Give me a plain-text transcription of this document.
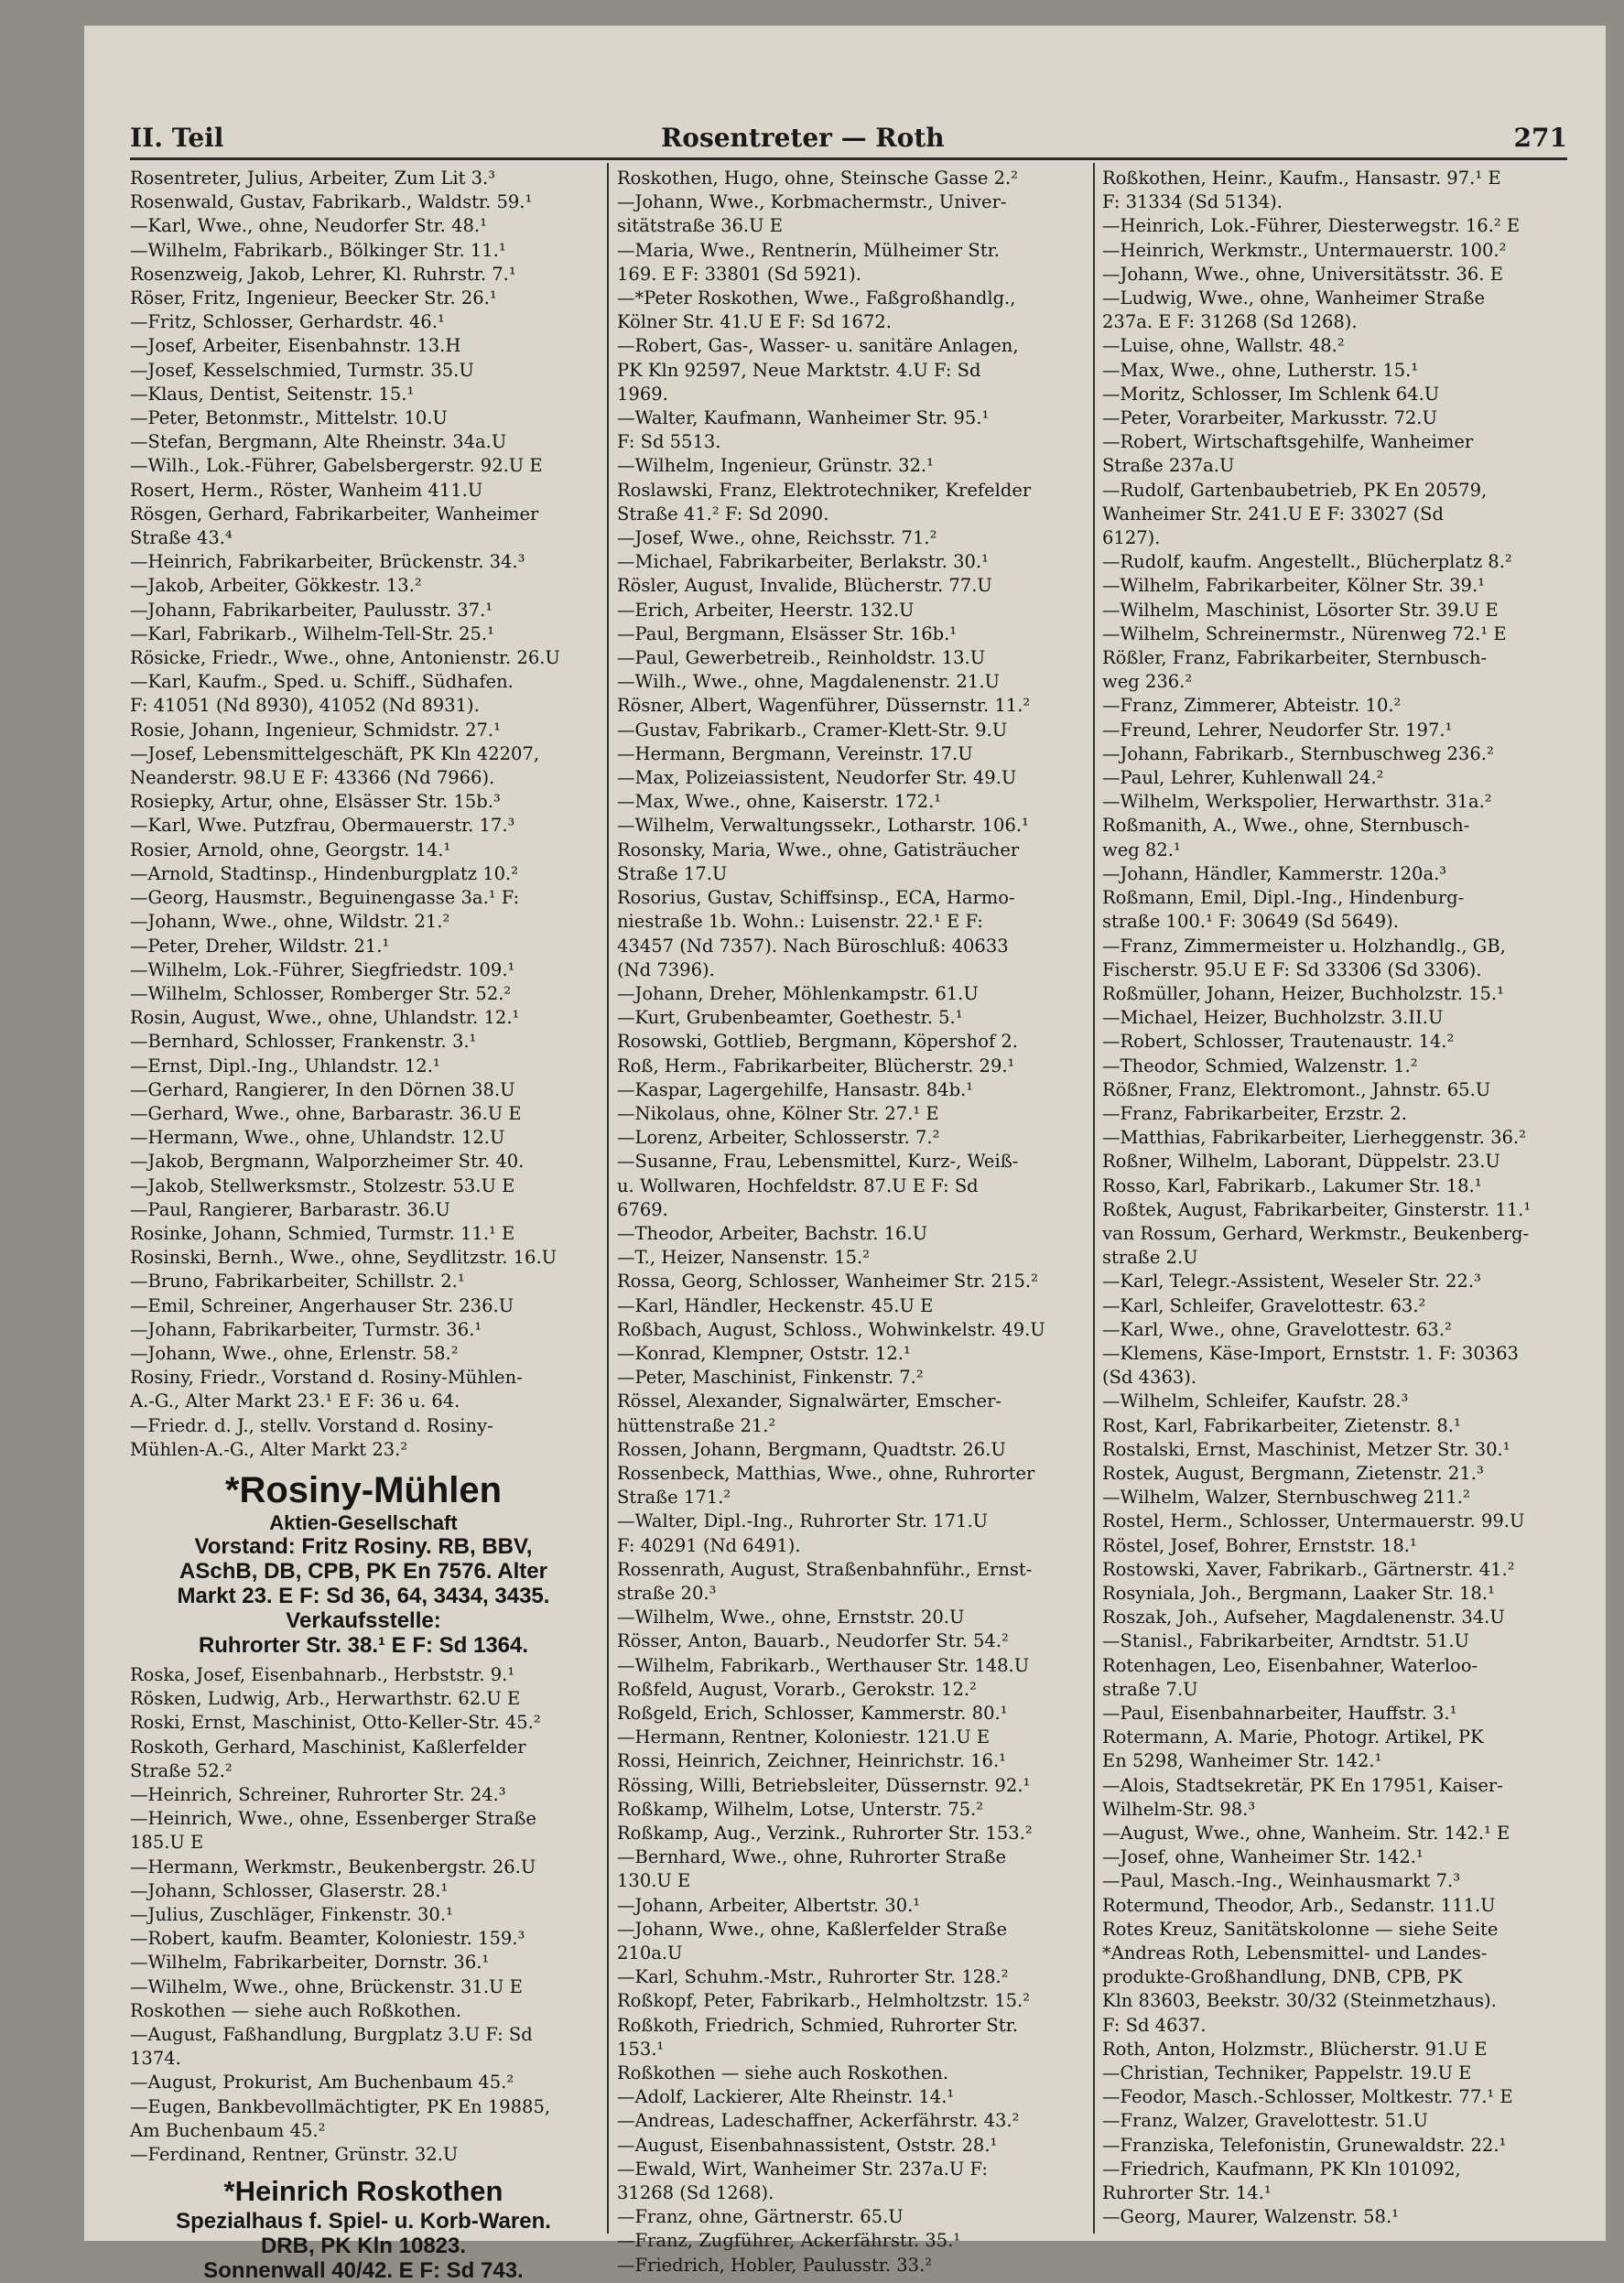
II. Teil	Rosentreter — Roth	271

Rosentreter, Julius, Arbeiter, Zum Lit 3.³

Rosenwald, Gustav, Fabrikarb., Waldstr. 59.¹

—Karl, Wwe., ohne, Neudorfer Str. 48.¹

—Wilhelm, Fabrikarb., Bölkinger Str. 11.¹

Rosenzweig, Jakob, Lehrer, Kl. Ruhrstr. 7.¹

Röser, Fritz, Ingenieur, Beecker Str. 26.¹

—Fritz, Schlosser, Gerhardstr. 46.¹

—Josef, Arbeiter, Eisenbahnstr. 13.H

—Josef, Kesselschmied, Turmstr. 35.U

—Klaus, Dentist, Seitenstr. 15.¹

—Peter, Betonmstr., Mittelstr. 10.U

—Stefan, Bergmann, Alte Rheinstr. 34a.U

—Wilh., Lok.-Führer, Gabelsbergerstr. 92.U E

Rosert, Herm., Röster, Wanheim 411.U

Rösgen, Gerhard, Fabrikarbeiter, Wanheimer

Straße 43.⁴

—Heinrich, Fabrikarbeiter, Brückenstr. 34.³

—Jakob, Arbeiter, Gökkestr. 13.²

—Johann, Fabrikarbeiter, Paulusstr. 37.¹

—Karl, Fabrikarb., Wilhelm-Tell-Str. 25.¹

Rösicke, Friedr., Wwe., ohne, Antonienstr. 26.U

—Karl, Kaufm., Sped. u. Schiff., Südhafen.

F: 41051 (Nd 8930), 41052 (Nd 8931).

Rosie, Johann, Ingenieur, Schmidstr. 27.¹

—Josef, Lebensmittelgeschäft, PK Kln 42207,

Neanderstr. 98.U E F: 43366 (Nd 7966).

Rosiepky, Artur, ohne, Elsässer Str. 15b.³

—Karl, Wwe. Putzfrau, Obermauerstr. 17.³

Rosier, Arnold, ohne, Georgstr. 14.¹

—Arnold, Stadtinsp., Hindenburgplatz 10.²

—Georg, Hausmstr., Beguinengasse 3a.¹ F:

—Johann, Wwe., ohne, Wildstr. 21.²

—Peter, Dreher, Wildstr. 21.¹

—Wilhelm, Lok.-Führer, Siegfriedstr. 109.¹

—Wilhelm, Schlosser, Romberger Str. 52.²

Rosin, August, Wwe., ohne, Uhlandstr. 12.¹

—Bernhard, Schlosser, Frankenstr. 3.¹

—Ernst, Dipl.-Ing., Uhlandstr. 12.¹

—Gerhard, Rangierer, In den Dörnen 38.U

—Gerhard, Wwe., ohne, Barbarastr. 36.U E

—Hermann, Wwe., ohne, Uhlandstr. 12.U

—Jakob, Bergmann, Walporzheimer Str. 40.

—Jakob, Stellwerksmstr., Stolzestr. 53.U E

—Paul, Rangierer, Barbarastr. 36.U

Rosinke, Johann, Schmied, Turmstr. 11.¹ E

Rosinski, Bernh., Wwe., ohne, Seydlitzstr. 16.U

—Bruno, Fabrikarbeiter, Schillstr. 2.¹

—Emil, Schreiner, Angerhauser Str. 236.U

—Johann, Fabrikarbeiter, Turmstr. 36.¹

—Johann, Wwe., ohne, Erlenstr. 58.²

Rosiny, Friedr., Vorstand d. Rosiny-Mühlen-

A.-G., Alter Markt 23.¹ E F: 36 u. 64.

—Friedr. d. J., stellv. Vorstand d. Rosiny-

Mühlen-A.-G., Alter Markt 23.²

*Rosiny-Mühlen
Aktien-Gesellschaft
Vorstand: Fritz Rosiny. RB, BBV,
ASchB, DB, CPB, PK En 7576. Alter
Markt 23. E F: Sd 36, 64, 3434, 3435.
Verkaufsstelle:
Ruhrorter Str. 38.¹ E F: Sd 1364.

Roska, Josef, Eisenbahnarb., Herbststr. 9.¹

Rösken, Ludwig, Arb., Herwarthstr. 62.U E

Roski, Ernst, Maschinist, Otto-Keller-Str. 45.²

Roskoth, Gerhard, Maschinist, Kaßlerfelder

Straße 52.²

—Heinrich, Schreiner, Ruhrorter Str. 24.³

—Heinrich, Wwe., ohne, Essenberger Straße

185.U E

—Hermann, Werkmstr., Beukenbergstr. 26.U

—Johann, Schlosser, Glaserstr. 28.¹

—Julius, Zuschläger, Finkenstr. 30.¹

—Robert, kaufm. Beamter, Koloniestr. 159.³

—Wilhelm, Fabrikarbeiter, Dornstr. 36.¹

—Wilhelm, Wwe., ohne, Brückenstr. 31.U E

Roskothen — siehe auch Roßkothen.

—August, Faßhandlung, Burgplatz 3.U F: Sd

1374.

—August, Prokurist, Am Buchenbaum 45.²

—Eugen, Bankbevollmächtigter, PK En 19885,

Am Buchenbaum 45.²

—Ferdinand, Rentner, Grünstr. 32.U

*Heinrich Roskothen
Spezialhaus f. Spiel- u. Korb-Waren.
DRB, PK Kln 10823.
Sonnenwall 40/42. E F: Sd 743.

Roskothen, Hugo, ohne, Steinsche Gasse 2.²

—Johann, Wwe., Korbmachermstr., Univer-

sitätstraße 36.U E

—Maria, Wwe., Rentnerin, Mülheimer Str.

169. E F: 33801 (Sd 5921).

—*Peter Roskothen, Wwe., Faßgroßhandlg.,

Kölner Str. 41.U E F: Sd 1672.

—Robert, Gas-, Wasser- u. sanitäre Anlagen,

PK Kln 92597, Neue Marktstr. 4.U F: Sd

1969.

—Walter, Kaufmann, Wanheimer Str. 95.¹

F: Sd 5513.

—Wilhelm, Ingenieur, Grünstr. 32.¹

Roslawski, Franz, Elektrotechniker, Krefelder

Straße 41.² F: Sd 2090.

—Josef, Wwe., ohne, Reichsstr. 71.²

—Michael, Fabrikarbeiter, Berlakstr. 30.¹

Rösler, August, Invalide, Blücherstr. 77.U

—Erich, Arbeiter, Heerstr. 132.U

—Paul, Bergmann, Elsässer Str. 16b.¹

—Paul, Gewerbetreib., Reinholdstr. 13.U

—Wilh., Wwe., ohne, Magdalenenstr. 21.U

Rösner, Albert, Wagenführer, Düssernstr. 11.²

—Gustav, Fabrikarb., Cramer-Klett-Str. 9.U

—Hermann, Bergmann, Vereinstr. 17.U

—Max, Polizeiassistent, Neudorfer Str. 49.U

—Max, Wwe., ohne, Kaiserstr. 172.¹

—Wilhelm, Verwaltungssekr., Lotharstr. 106.¹

Rosonsky, Maria, Wwe., ohne, Gatisträucher

Straße 17.U

Rosorius, Gustav, Schiffsinsp., ECA, Harmo-

niestraße 1b. Wohn.: Luisenstr. 22.¹ E F:

43457 (Nd 7357). Nach Büroschluß: 40633

(Nd 7396).

—Johann, Dreher, Möhlenkampstr. 61.U

—Kurt, Grubenbeamter, Goethestr. 5.¹

Rosowski, Gottlieb, Bergmann, Köpershof 2.

Roß, Herm., Fabrikarbeiter, Blücherstr. 29.¹

—Kaspar, Lagergehilfe, Hansastr. 84b.¹

—Nikolaus, ohne, Kölner Str. 27.¹ E

—Lorenz, Arbeiter, Schlosserstr. 7.²

—Susanne, Frau, Lebensmittel, Kurz-, Weiß-

u. Wollwaren, Hochfeldstr. 87.U E F: Sd

6769.

—Theodor, Arbeiter, Bachstr. 16.U

—T., Heizer, Nansenstr. 15.²

Rossa, Georg, Schlosser, Wanheimer Str. 215.²

—Karl, Händler, Heckenstr. 45.U E

Roßbach, August, Schloss., Wohwinkelstr. 49.U

—Konrad, Klempner, Oststr. 12.¹

—Peter, Maschinist, Finkenstr. 7.²

Rössel, Alexander, Signalwärter, Emscher-

hüttenstraße 21.²

Rossen, Johann, Bergmann, Quadtstr. 26.U

Rossenbeck, Matthias, Wwe., ohne, Ruhrorter

Straße 171.²

—Walter, Dipl.-Ing., Ruhrorter Str. 171.U

F: 40291 (Nd 6491).

Rossenrath, August, Straßenbahnführ., Ernst-

straße 20.³

—Wilhelm, Wwe., ohne, Ernststr. 20.U

Rösser, Anton, Bauarb., Neudorfer Str. 54.²

—Wilhelm, Fabrikarb., Werthauser Str. 148.U

Roßfeld, August, Vorarb., Gerokstr. 12.²

Roßgeld, Erich, Schlosser, Kammerstr. 80.¹

—Hermann, Rentner, Koloniestr. 121.U E

Rossi, Heinrich, Zeichner, Heinrichstr. 16.¹

Rössing, Willi, Betriebsleiter, Düssernstr. 92.¹

Roßkamp, Wilhelm, Lotse, Unterstr. 75.²

Roßkamp, Aug., Verzink., Ruhrorter Str. 153.²

—Bernhard, Wwe., ohne, Ruhrorter Straße

130.U E

—Johann, Arbeiter, Albertstr. 30.¹

—Johann, Wwe., ohne, Kaßlerfelder Straße

210a.U

—Karl, Schuhm.-Mstr., Ruhrorter Str. 128.²

Roßkopf, Peter, Fabrikarb., Helmholtzstr. 15.²

Roßkoth, Friedrich, Schmied, Ruhrorter Str.

153.¹

Roßkothen — siehe auch Roskothen.

—Adolf, Lackierer, Alte Rheinstr. 14.¹

—Andreas, Ladeschaffner, Ackerfährstr. 43.²

—August, Eisenbahnassistent, Oststr. 28.¹

—Ewald, Wirt, Wanheimer Str. 237a.U F:

31268 (Sd 1268).

—Franz, ohne, Gärtnerstr. 65.U

—Franz, Zugführer, Ackerfährstr. 35.¹

—Friedrich, Hobler, Paulusstr. 33.²

Roßkothen, Heinr., Kaufm., Hansastr. 97.¹ E

F: 31334 (Sd 5134).

—Heinrich, Lok.-Führer, Diesterwegstr. 16.² E

—Heinrich, Werkmstr., Untermauerstr. 100.²

—Johann, Wwe., ohne, Universitätsstr. 36. E

—Ludwig, Wwe., ohne, Wanheimer Straße

237a. E F: 31268 (Sd 1268).

—Luise, ohne, Wallstr. 48.²

—Max, Wwe., ohne, Lutherstr. 15.¹

—Moritz, Schlosser, Im Schlenk 64.U

—Peter, Vorarbeiter, Markusstr. 72.U

—Robert, Wirtschaftsgehilfe, Wanheimer

Straße 237a.U

—Rudolf, Gartenbaubetrieb, PK En 20579,

Wanheimer Str. 241.U E F: 33027 (Sd

6127).

—Rudolf, kaufm. Angestellt., Blücherplatz 8.²

—Wilhelm, Fabrikarbeiter, Kölner Str. 39.¹

—Wilhelm, Maschinist, Lösorter Str. 39.U E

—Wilhelm, Schreinermstr., Nürenweg 72.¹ E

Rößler, Franz, Fabrikarbeiter, Sternbusch-

weg 236.²

—Franz, Zimmerer, Abteistr. 10.²

—Freund, Lehrer, Neudorfer Str. 197.¹

—Johann, Fabrikarb., Sternbuschweg 236.²

—Paul, Lehrer, Kuhlenwall 24.²

—Wilhelm, Werkspolier, Herwarthstr. 31a.²

Roßmanith, A., Wwe., ohne, Sternbusch-

weg 82.¹

—Johann, Händler, Kammerstr. 120a.³

Roßmann, Emil, Dipl.-Ing., Hindenburg-

straße 100.¹ F: 30649 (Sd 5649).

—Franz, Zimmermeister u. Holzhandlg., GB,

Fischerstr. 95.U E F: Sd 33306 (Sd 3306).

Roßmüller, Johann, Heizer, Buchholzstr. 15.¹

—Michael, Heizer, Buchholzstr. 3.II.U

—Robert, Schlosser, Trautenaustr. 14.²

—Theodor, Schmied, Walzenstr. 1.²

Rößner, Franz, Elektromont., Jahnstr. 65.U

—Franz, Fabrikarbeiter, Erzstr. 2.

—Matthias, Fabrikarbeiter, Lierheggenstr. 36.²

Roßner, Wilhelm, Laborant, Düppelstr. 23.U

Rosso, Karl, Fabrikarb., Lakumer Str. 18.¹

Roßtek, August, Fabrikarbeiter, Ginsterstr. 11.¹

van Rossum, Gerhard, Werkmstr., Beukenberg-

straße 2.U

—Karl, Telegr.-Assistent, Weseler Str. 22.³

—Karl, Schleifer, Gravelottestr. 63.²

—Karl, Wwe., ohne, Gravelottestr. 63.²

—Klemens, Käse-Import, Ernststr. 1. F: 30363

(Sd 4363).

—Wilhelm, Schleifer, Kaufstr. 28.³

Rost, Karl, Fabrikarbeiter, Zietenstr. 8.¹

Rostalski, Ernst, Maschinist, Metzer Str. 30.¹

Rostek, August, Bergmann, Zietenstr. 21.³

—Wilhelm, Walzer, Sternbuschweg 211.²

Rostel, Herm., Schlosser, Untermauerstr. 99.U

Röstel, Josef, Bohrer, Ernststr. 18.¹

Rostowski, Xaver, Fabrikarb., Gärtnerstr. 41.²

Rosyniala, Joh., Bergmann, Laaker Str. 18.¹

Roszak, Joh., Aufseher, Magdalenenstr. 34.U

—Stanisl., Fabrikarbeiter, Arndtstr. 51.U

Rotenhagen, Leo, Eisenbahner, Waterloo-

straße 7.U

—Paul, Eisenbahnarbeiter, Hauffstr. 3.¹

Rotermann, A. Marie, Photogr. Artikel, PK

En 5298, Wanheimer Str. 142.¹

—Alois, Stadtsekretär, PK En 17951, Kaiser-

Wilhelm-Str. 98.³

—August, Wwe., ohne, Wanheim. Str. 142.¹ E

—Josef, ohne, Wanheimer Str. 142.¹

—Paul, Masch.-Ing., Weinhausmarkt 7.³

Rotermund, Theodor, Arb., Sedanstr. 111.U

Rotes Kreuz, Sanitätskolonne — siehe Seite

*Andreas Roth, Lebensmittel- und Landes-

produkte-Großhandlung, DNB, CPB, PK

Kln 83603, Beekstr. 30/32 (Steinmetzhaus).

F: Sd 4637.

Roth, Anton, Holzmstr., Blücherstr. 91.U E

—Christian, Techniker, Pappelstr. 19.U E

—Feodor, Masch.-Schlosser, Moltkestr. 77.¹ E

—Franz, Walzer, Gravelottestr. 51.U

—Franziska, Telefonistin, Grunewaldstr. 22.¹

—Friedrich, Kaufmann, PK Kln 101092,

Ruhrorter Str. 14.¹

—Georg, Maurer, Walzenstr. 58.¹
